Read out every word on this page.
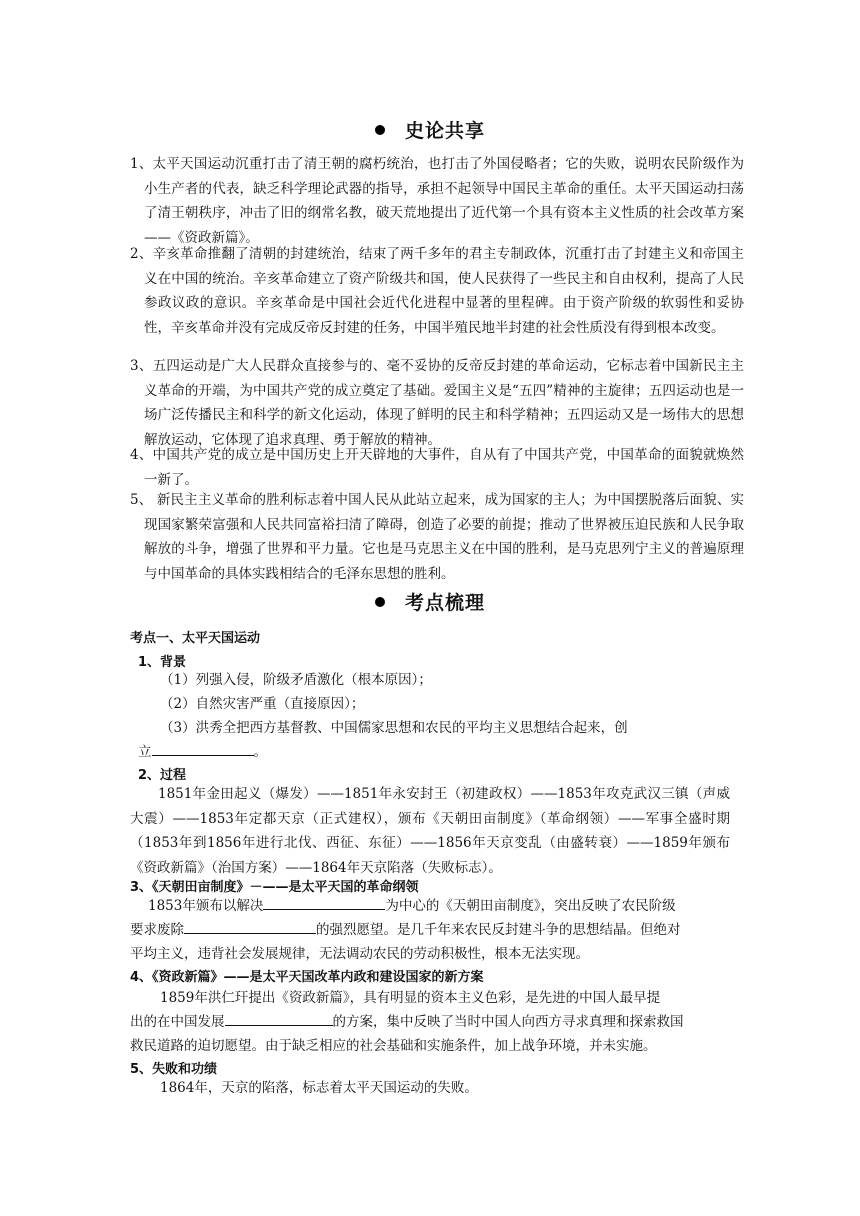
史论共享
1、太平天国运动沉重打击了清王朝的腐朽统治，也打击了外国侵略者；它的失败，说明农民阶级作为小生产者的代表，缺乏科学理论武器的指导，承担不起领导中国民主革命的重任。太平天国运动扫荡了清王朝秩序，冲击了旧的纲常名教，破天荒地提出了近代第一个具有资本主义性质的社会改革方案——《资政新篇》。
2、辛亥革命推翻了清朝的封建统治，结束了两千多年的君主专制政体，沉重打击了封建主义和帝国主义在中国的统治。辛亥革命建立了资产阶级共和国，使人民获得了一些民主和自由权利，提高了人民参政议政的意识。辛亥革命是中国社会近代化进程中显著的里程碑。由于资产阶级的软弱性和妥协性，辛亥革命并没有完成反帝反封建的任务，中国半殖民地半封建的社会性质没有得到根本改变。
3、五四运动是广大人民群众直接参与的、毫不妥协的反帝反封建的革命运动，它标志着中国新民主主义革命的开端，为中国共产党的成立奠定了基础。爱国主义是“五四”精神的主旋律；五四运动也是一场广泛传播民主和科学的新文化运动，体现了鲜明的民主和科学精神；五四运动又是一场伟大的思想解放运动，它体现了追求真理、勇于解放的精神。
4、中国共产党的成立是中国历史上开天辟地的大事件，自从有了中国共产党，中国革命的面貌就焕然一新了。
5、 新民主主义革命的胜利标志着中国人民从此站立起来，成为国家的主人；为中国摆脱落后面貌、实现国家繁荣富强和人民共同富裕扫清了障碍，创造了必要的前提；推动了世界被压迫民族和人民争取解放的斗争，增强了世界和平力量。它也是马克思主义在中国的胜利，是马克思列宁主义的普遍原理与中国革命的具体实践相结合的毛泽东思想的胜利。
考点梳理
考点一、太平天国运动
1、背景
（1）列强入侵，阶级矛盾激化（根本原因）；
（2）自然灾害严重（直接原因）；
（3）洪秀全把西方基督教、中国儒家思想和农民的平均主义思想结合起来，创
立	。
2、过程
1851年金田起义（爆发）——1851年永安封王（初建政权）——1853年攻克武汉三镇（声威大震）——1853年定都天京（正式建权），颁布《天朝田亩制度》（革命纲领）——军事全盛时期（1853年到1856年进行北伐、西征、东征）——1856年天京变乱（由盛转衰）——1859年颁布《资政新篇》（治国方案）——1864年天京陷落（失败标志）。
3、《天朝田亩制度》－——是太平天国的革命纲领
1853年颁布以解决	为中心的《天朝田亩制度》，突出反映了农民阶级
要求废除	的强烈愿望。是几千年来农民反封建斗争的思想结晶。但绝对
平均主义，违背社会发展规律，无法调动农民的劳动积极性，根本无法实现。
4、《资政新篇》——是太平天国改革内政和建设国家的新方案
1859年洪仁玕提出《资政新篇》，具有明显的资本主义色彩，是先进的中国人最早提
出的在中国发展	的方案，集中反映了当时中国人向西方寻求真理和探索救国
救民道路的迫切愿望。由于缺乏相应的社会基础和实施条件，加上战争环境，并未实施。
5、失败和功绩
1864年，天京的陷落，标志着太平天国运动的失败。
